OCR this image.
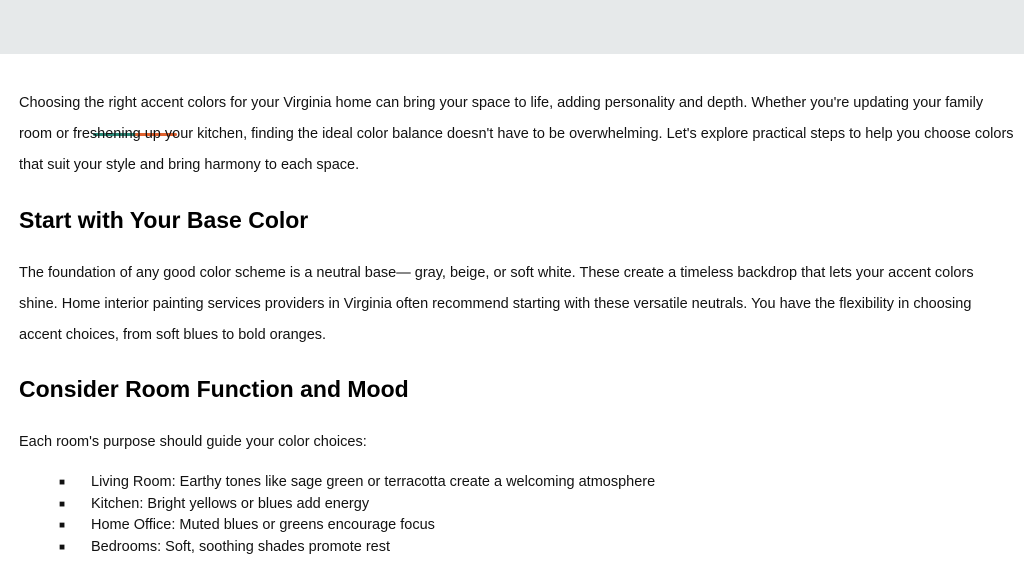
Choosing the right accent colors for your Virginia home can bring your space to life, adding personality and depth. Whether you're updating your family room or freshening up your kitchen, finding the ideal color balance doesn't have to be overwhelming. Let's explore practical steps to help you choose colors that suit your style and bring harmony to each space.

Start with Your Base Color

The foundation of any good color scheme is a neutral base— gray, beige, or soft white. These create a timeless backdrop that lets your accent colors shine. Home interior painting services providers in Virginia often recommend starting with these versatile neutrals. You have the flexibility in choosing accent choices, from soft blues to bold oranges.

Consider Room Function and Mood

Each room's purpose should guide your color choices:

■ Living Room: Earthy tones like sage green or terracotta create a welcoming atmosphere
■ Kitchen: Bright yellows or blues add energy
■ Home Office: Muted blues or greens encourage focus
■ Bedrooms: Soft, soothing shades promote rest
